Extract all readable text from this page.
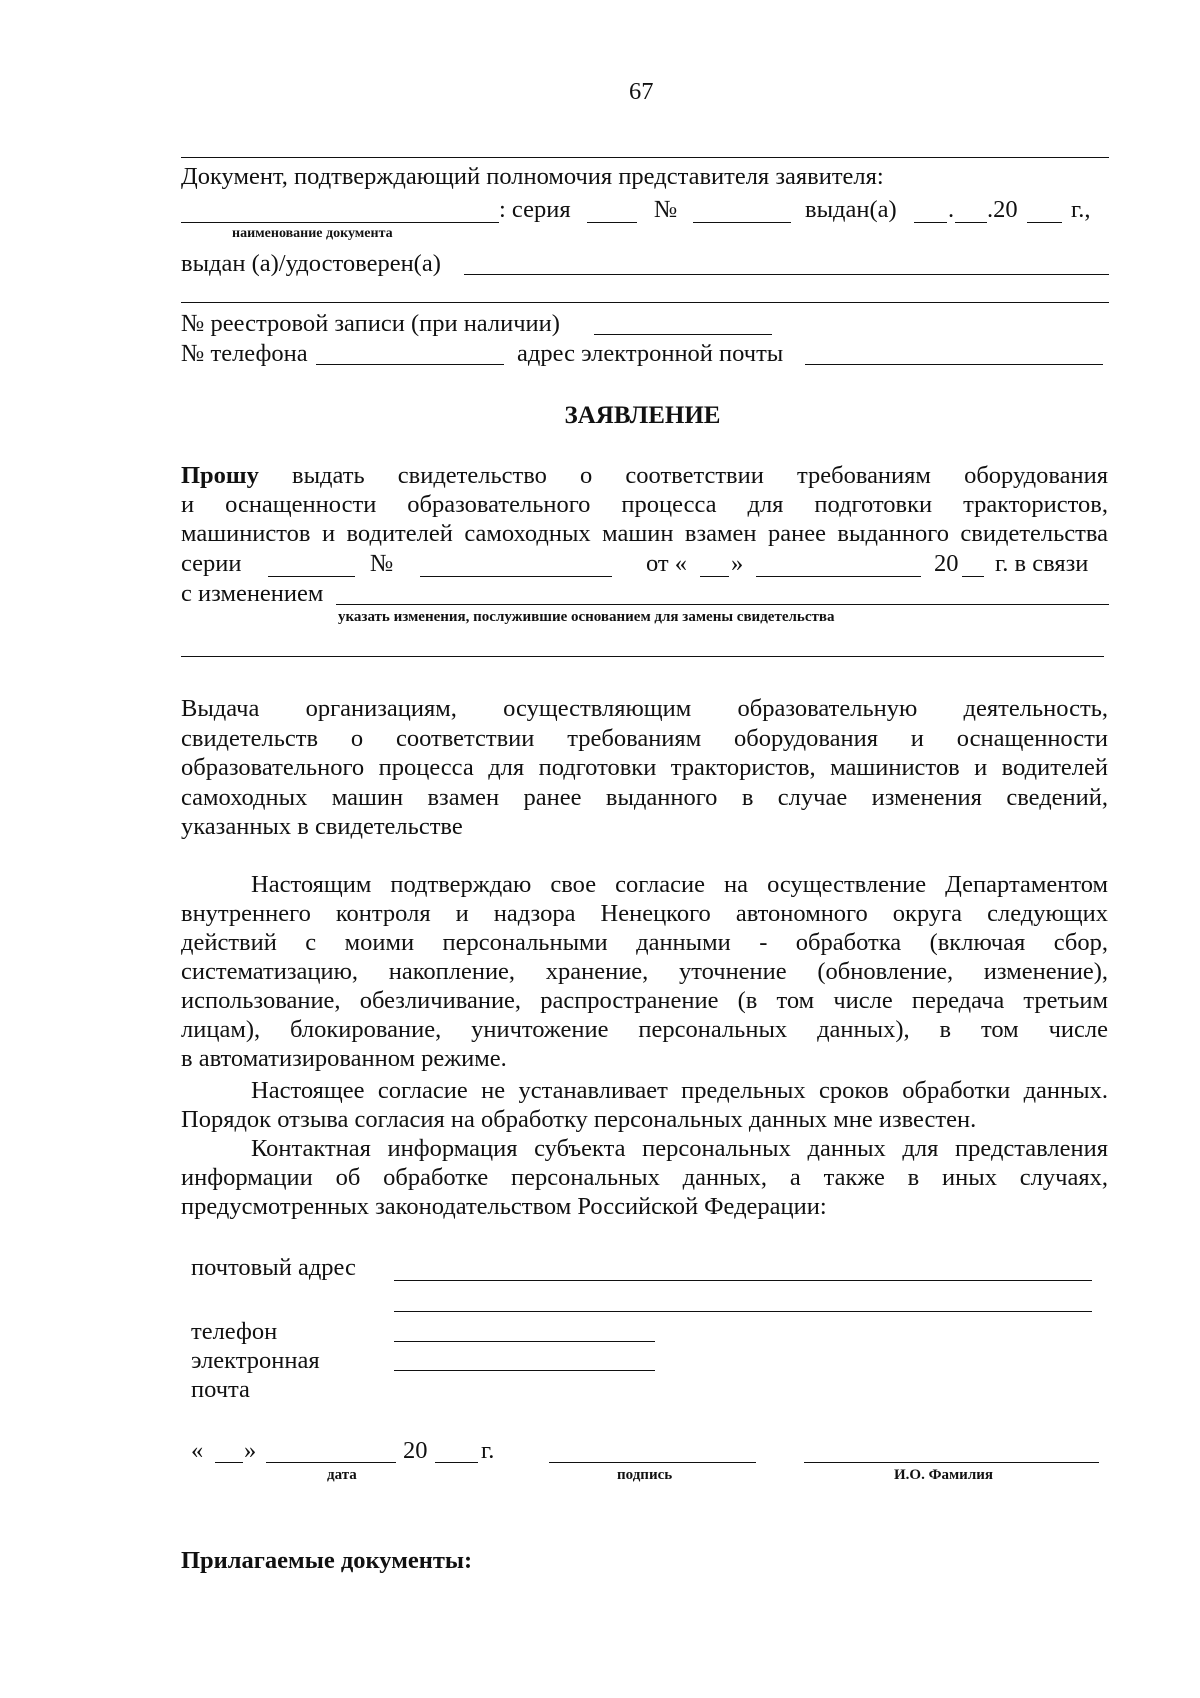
67
Документ, подтверждающий полномочия представителя заявителя:
: серия	№	выдан(а) . .20 г.,
наименование документа
выдан (а)/удостоверен(а)
№ реестровой записи (при наличии)
№ телефона	адрес электронной почты
ЗАЯВЛЕНИЕ
Прошу выдать свидетельство о соответствии требованиям оборудования
и оснащенности образовательного процесса для подготовки трактористов,
машинистов и водителей самоходных машин взамен ранее выданного свидетельства
серии	№	от « »	20 г. в связи
с изменением
указать изменения, послужившие основанием для замены свидетельства
Выдача организациям, осуществляющим образовательную деятельность,
свидетельств о соответствии требованиям оборудования и оснащенности
образовательного процесса для подготовки трактористов, машинистов и водителей
самоходных машин взамен ранее выданного в случае изменения сведений,
указанных в свидетельстве
Настоящим подтверждаю свое согласие на осуществление Департаментом
внутреннего контроля и надзора Ненецкого автономного округа следующих
действий с моими персональными данными - обработка (включая сбор,
систематизацию, накопление, хранение, уточнение (обновление, изменение),
использование, обезличивание, распространение (в том числе передача третьим
лицам), блокирование, уничтожение персональных данных), в том числе
в автоматизированном режиме.
Настоящее согласие не устанавливает предельных сроков обработки данных.
Порядок отзыва согласия на обработку персональных данных мне известен.
Контактная информация субъекта персональных данных для представления
информации об обработке персональных данных, а также в иных случаях,
предусмотренных законодательством Российской Федерации:
почтовый адрес
телефон
электронная
почта
« »	20 г.
дата	подпись	И.О. Фамилия
Прилагаемые документы:
